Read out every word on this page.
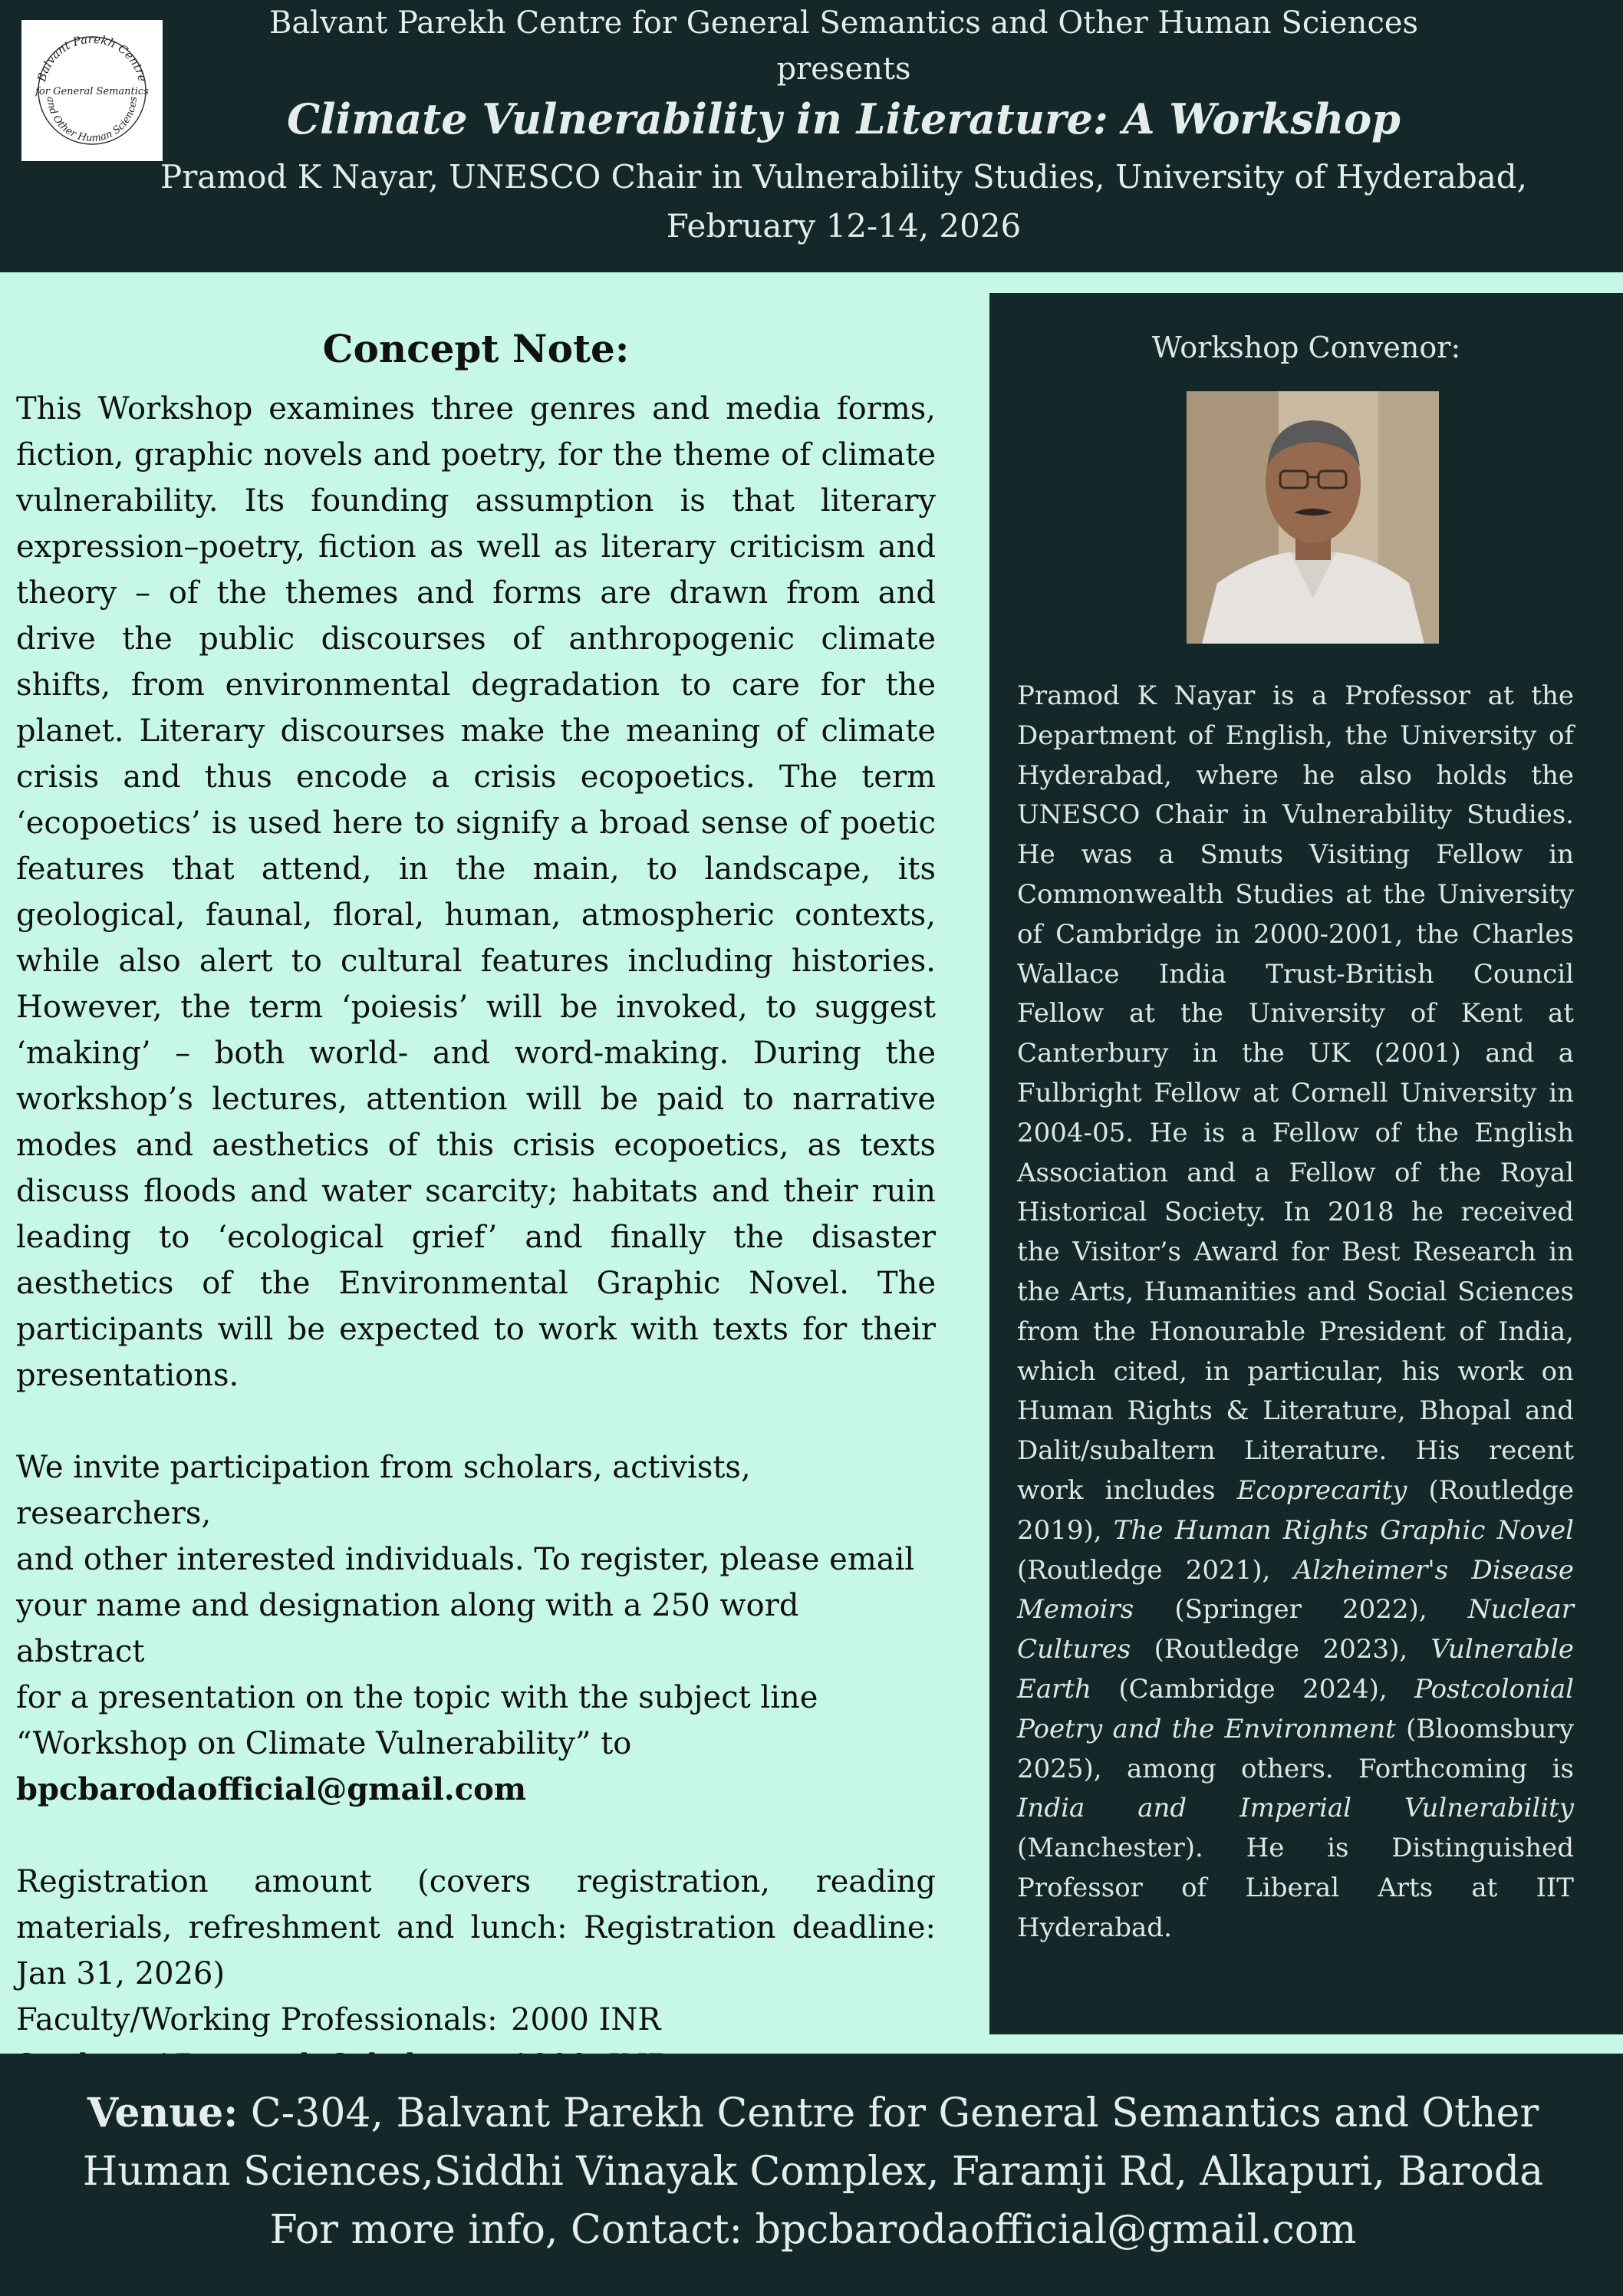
Balvant Parekh Centre
for General Semantics
and Other Human Sciences
Balvant Parekh Centre for General Semantics and Other Human Sciences
presents
Climate Vulnerability in Literature: A Workshop
Pramod K Nayar, UNESCO Chair in Vulnerability Studies, University of Hyderabad,
February 12-14, 2026
Concept Note:

This Workshop examines three genres and media forms, fiction, graphic novels and poetry, for the theme of climate vulnerability. Its founding assumption is that literary expression–poetry, fiction as well as literary criticism and theory – of the themes and forms are drawn from and drive the public discourses of anthropogenic climate shifts, from environmental degradation to care for the planet. Literary discourses make the meaning of climate crisis and thus encode a crisis ecopoetics. The term ‘ecopoetics’ is used here to signify a broad sense of poetic features that attend, in the main, to landscape, its geological, faunal, floral, human, atmospheric contexts, while also alert to cultural features including histories. However, the term ‘poiesis’ will be invoked, to suggest ‘making’ – both world- and word-making. During the workshop’s lectures, attention will be paid to narrative modes and aesthetics of this crisis ecopoetics, as texts discuss floods and water scarcity; habitats and their ruin leading to ‘ecological grief’ and finally the disaster aesthetics of the Environmental Graphic Novel. The participants will be expected to work with texts for their presentations.

We invite participation from scholars, activists, researchers,
and other interested individuals. To register, please email
your name and designation along with a 250 word abstract
for a presentation on the topic with the subject line
“Workshop on Climate Vulnerability” to
bpcbarodaofficial@gmail.com
Registration amount (covers registration, reading materials, refreshment and lunch: Registration deadline: Jan 31, 2026)
Faculty/Working Professionals: 2000 INR
Workshop Convenor:

Pramod K Nayar is a Professor at the Department of English, the University of Hyderabad, where he also holds the UNESCO Chair in Vulnerability Studies. He was a Smuts Visiting Fellow in Commonwealth Studies at the University of Cambridge in 2000-2001, the Charles Wallace India Trust-British Council Fellow at the University of Kent at Canterbury in the UK (2001) and a Fulbright Fellow at Cornell University in 2004-05. He is a Fellow of the English Association and a Fellow of the Royal Historical Society. In 2018 he received the Visitor’s Award for Best Research in the Arts, Humanities and Social Sciences from the Honourable President of India, which cited, in particular, his work on Human Rights & Literature, Bhopal and Dalit/subaltern Literature. His recent work includes Ecoprecarity (Routledge 2019), The Human Rights Graphic Novel (Routledge 2021), Alzheimer's Disease Memoirs (Springer 2022), Nuclear Cultures (Routledge 2023), Vulnerable Earth (Cambridge 2024), Postcolonial Poetry and the Environment (Bloomsbury 2025), among others. Forthcoming is India and Imperial Vulnerability (Manchester). He is Distinguished Professor of Liberal Arts at IIT Hyderabad.

Venue: C-304, Balvant Parekh Centre for General Semantics and Other Human Sciences,Siddhi Vinayak Complex, Faramji Rd, Alkapuri, Baroda
For more info, Contact: bpcbarodaofficial@gmail.com
